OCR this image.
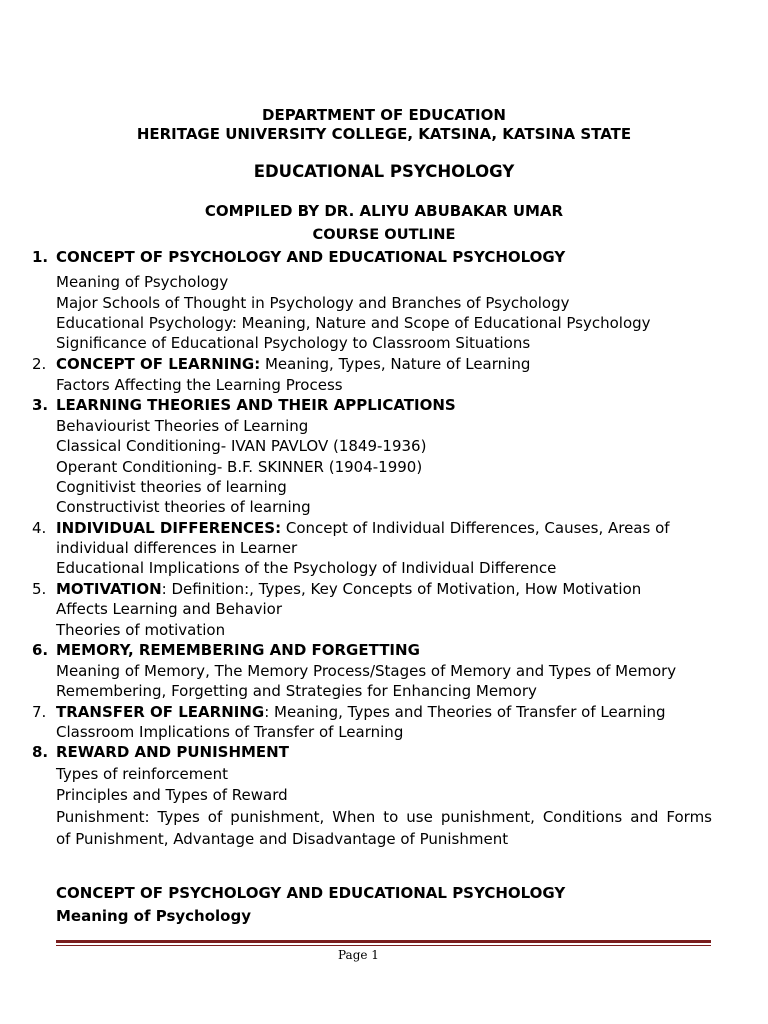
DEPARTMENT OF EDUCATION
HERITAGE UNIVERSITY COLLEGE, KATSINA, KATSINA STATE
EDUCATIONAL PSYCHOLOGY
COMPILED BY DR. ALIYU ABUBAKAR UMAR
COURSE OUTLINE
1. CONCEPT OF PSYCHOLOGY AND EDUCATIONAL PSYCHOLOGY
Meaning of Psychology
Major Schools of Thought in Psychology and Branches of Psychology
Educational Psychology: Meaning, Nature and Scope of Educational Psychology
Significance of Educational Psychology to Classroom Situations
2. CONCEPT OF LEARNING: Meaning, Types, Nature of Learning
Factors Affecting the Learning Process
3. LEARNING THEORIES AND THEIR APPLICATIONS
Behaviourist Theories of Learning
Classical Conditioning- IVAN PAVLOV (1849-1936)
Operant Conditioning- B.F. SKINNER (1904-1990)
Cognitivist theories of learning
Constructivist theories of learning
4. INDIVIDUAL DIFFERENCES: Concept of Individual Differences, Causes, Areas of
individual differences in Learner
Educational Implications of the Psychology of Individual Difference
5. MOTIVATION: Definition:, Types, Key Concepts of Motivation, How Motivation
Affects Learning and Behavior
Theories of motivation
6. MEMORY, REMEMBERING AND FORGETTING
Meaning of Memory, The Memory Process/Stages of Memory and Types of Memory
Remembering, Forgetting and Strategies for Enhancing Memory
7. TRANSFER OF LEARNING: Meaning, Types and Theories of Transfer of Learning
Classroom Implications of Transfer of Learning
8. REWARD AND PUNISHMENT
Types of reinforcement
Principles and Types of Reward
Punishment: Types of punishment, When to use punishment, Conditions and Forms
of Punishment, Advantage and Disadvantage of Punishment
CONCEPT OF PSYCHOLOGY AND EDUCATIONAL PSYCHOLOGY
Meaning of Psychology
Page 1
